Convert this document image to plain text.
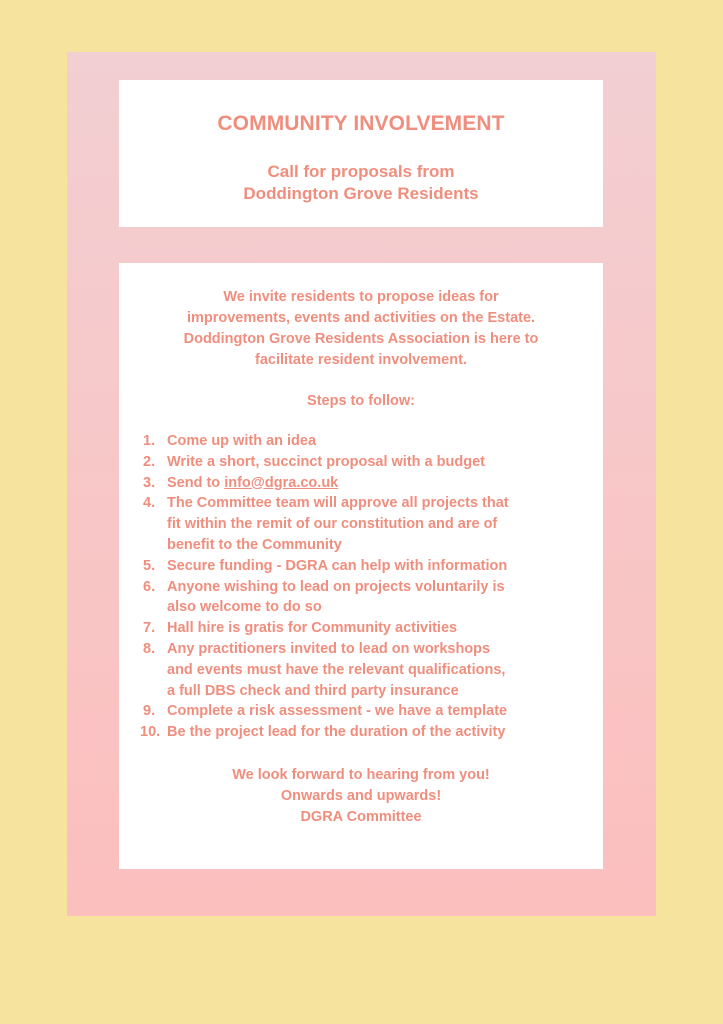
COMMUNITY INVOLVEMENT
Call for proposals from
Doddington Grove Residents
We invite residents to propose ideas for
improvements, events and activities on the Estate.
Doddington Grove Residents Association is here to
facilitate resident involvement.
Steps to follow:
1. Come up with an idea
2. Write a short, succinct proposal with a budget
3. Send to info@dgra.co.uk
4. The Committee team will approve all projects that
fit within the remit of our constitution and are of
benefit to the Community
5. Secure funding - DGRA can help with information
6. Anyone wishing to lead on projects voluntarily is
also welcome to do so
7. Hall hire is gratis for Community activities
8. Any practitioners invited to lead on workshops
and events must have the relevant qualifications,
a full DBS check and third party insurance
9. Complete a risk assessment - we have a template
10. Be the project lead for the duration of the activity
We look forward to hearing from you!
Onwards and upwards!
DGRA Committee
